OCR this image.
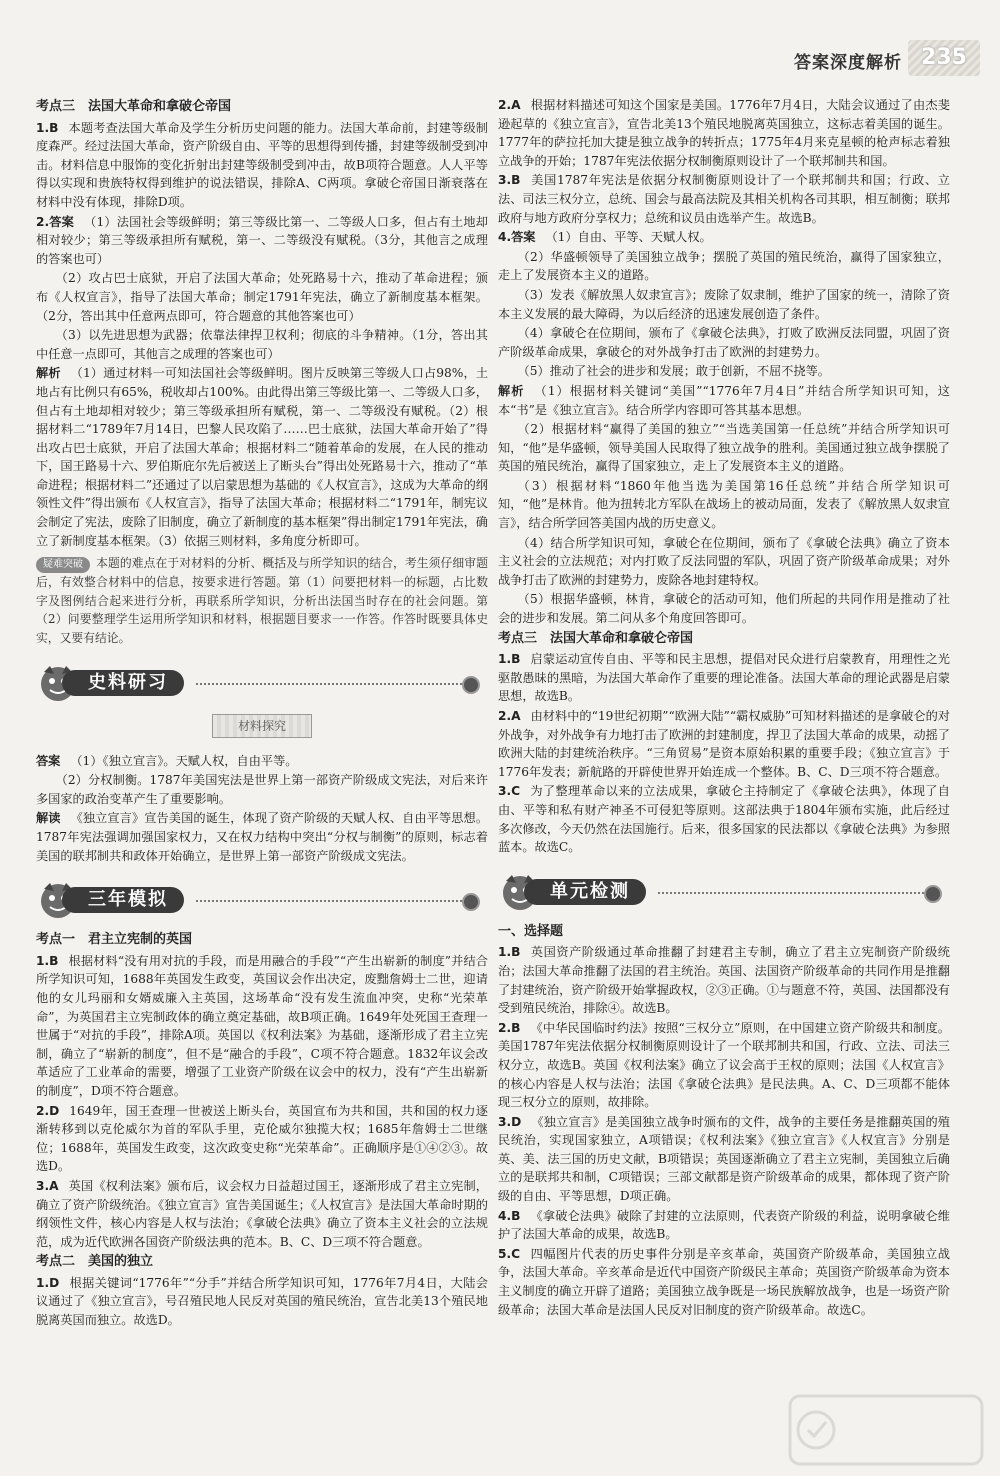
答案深度解析 235
考点三　法国大革命和拿破仑帝国

1.B 本题考查法国大革命及学生分析历史问题的能力。法国大革命前，封建等级制度森严。经过法国大革命，资产阶级自由、平等的思想得到传播，封建等级制受到冲击。材料信息中服饰的变化折射出封建等级制受到冲击，故B项符合题意。人人平等得以实现和贵族特权得到维护的说法错误，排除A、C两项。拿破仑帝国日渐衰落在材料中没有体现，排除D项。

2.答案 （1）法国社会等级鲜明；第三等级比第一、二等级人口多，但占有土地却相对较少；第三等级承担所有赋税，第一、二等级没有赋税。（3分，其他言之成理的答案也可）

（2）攻占巴士底狱，开启了法国大革命；处死路易十六，推动了革命进程；颁布《人权宣言》，指导了法国大革命；制定1791年宪法，确立了新制度基本框架。（2分，答出其中任意两点即可，符合题意的其他答案也可）

（3）以先进思想为武器；依靠法律捍卫权利；彻底的斗争精神。（1分，答出其中任意一点即可，其他言之成理的答案也可）

解析 （1）通过材料一可知法国社会等级鲜明。图片反映第三等级人口占98%，土地占有比例只有65%，税收却占100%。由此得出第三等级比第一、二等级人口多，但占有土地却相对较少；第三等级承担所有赋税，第一、二等级没有赋税。（2）根据材料二“1789年7月14日，巴黎人民攻陷了……巴士底狱，法国大革命开始了”得出攻占巴士底狱，开启了法国大革命；根据材料二“随着革命的发展，在人民的推动下，国王路易十六、罗伯斯庇尔先后被送上了断头台”得出处死路易十六，推动了“革命进程；根据材料二”还通过了以启蒙思想为基础的《人权宣言》，这成为大革命的纲领性文件”得出颁布《人权宣言》，指导了法国大革命；根据材料二“1791年，制宪议会制定了宪法，废除了旧制度，确立了新制度的基本框架”得出制定1791年宪法，确立了新制度基本框架。（3）依据三则材料，多角度分析即可。

疑难突破 本题的难点在于对材料的分析、概括及与所学知识的结合，考生须仔细审题后，有效整合材料中的信息，按要求进行答题。第（1）问要把材料一的标题，占比数字及图例结合起来进行分析，再联系所学知识，分析出法国当时存在的社会问题。第（2）问要整理学生运用所学知识和材料，根据题目要求一一作答。作答时既要具体史实，又要有结论。

史料研习
材料探究

答案 （1）《独立宣言》。天赋人权，自由平等。

（2）分权制衡。1787年美国宪法是世界上第一部资产阶级成文宪法，对后来许多国家的政治变革产生了重要影响。

解读 《独立宣言》宣告美国的诞生，体现了资产阶级的天赋人权、自由平等思想。1787年宪法强调加强国家权力，又在权力结构中突出“分权与制衡”的原则，标志着美国的联邦制共和政体开始确立，是世界上第一部资产阶级成文宪法。

三年模拟
考点一　君主立宪制的英国

1.B 根据材料“没有用对抗的手段，而是用融合的手段”“产生出崭新的制度”并结合所学知识可知，1688年英国发生政变，英国议会作出决定，废黜詹姆士二世，迎请他的女儿玛丽和女婿威廉入主英国，这场革命“没有发生流血冲突，史称“光荣革命”，为英国君主立宪制政体的确立奠定基础，故B项正确。1649年处死国王查理一世属于“对抗的手段”，排除A项。英国以《权利法案》为基础，逐渐形成了君主立宪制，确立了“崭新的制度”，但不是“融合的手段”，C项不符合题意。1832年议会改革适应了工业革命的需要，增强了工业资产阶级在议会中的权力，没有“产生出崭新的制度”，D项不符合题意。

2.D 1649年，国王查理一世被送上断头台，英国宣布为共和国，共和国的权力逐渐转移到以克伦威尔为首的军队手里，克伦威尔独揽大权；1685年詹姆士二世继位；1688年，英国发生政变，这次政变史称“光荣革命”。正确顺序是①④②③。故选D。

3.A 英国《权利法案》颁布后，议会权力日益超过国王，逐渐形成了君主立宪制，确立了资产阶级统治。《独立宣言》宣告美国诞生；《人权宣言》是法国大革命时期的纲领性文件，核心内容是人权与法治；《拿破仑法典》确立了资本主义社会的立法规范，成为近代欧洲各国资产阶级法典的范本。B、C、D三项不符合题意。

考点二　美国的独立

1.D 根据关键词“1776年”“分手”并结合所学知识可知，1776年7月4日，大陆会议通过了《独立宣言》，号召殖民地人民反对英国的殖民统治，宣告北美13个殖民地脱离英国而独立。故选D。

2.A 根据材料描述可知这个国家是美国。1776年7月4日，大陆会议通过了由杰斐逊起草的《独立宣言》，宣告北美13个殖民地脱离英国独立，这标志着美国的诞生。1777年的萨拉托加大捷是独立战争的转折点；1775年4月来克星顿的枪声标志着独立战争的开始；1787年宪法依据分权制衡原则设计了一个联邦制共和国。

3.B 美国1787年宪法是依据分权制衡原则设计了一个联邦制共和国；行政、立法、司法三权分立，总统、国会与最高法院及其相关机构各司其职，相互制衡；联邦政府与地方政府分享权力；总统和议员由选举产生。故选B。

4.答案 （1）自由、平等、天赋人权。

（2）华盛顿领导了美国独立战争；摆脱了英国的殖民统治，赢得了国家独立，走上了发展资本主义的道路。

（3）发表《解放黑人奴隶宣言》；废除了奴隶制，维护了国家的统一，清除了资本主义发展的最大障碍，为以后经济的迅速发展创造了条件。

（4）拿破仑在位期间，颁布了《拿破仑法典》，打败了欧洲反法同盟，巩固了资产阶级革命成果，拿破仑的对外战争打击了欧洲的封建势力。

（5）推动了社会的进步和发展；敢于创新，不屈不挠等。

解析 （1）根据材料关键词“美国”“1776年7月4日”并结合所学知识可知，这本“书”是《独立宣言》。结合所学内容即可答其基本思想。

（2）根据材料“赢得了美国的独立”“当选美国第一任总统”并结合所学知识可知，“他”是华盛顿，领导美国人民取得了独立战争的胜利。美国通过独立战争摆脱了英国的殖民统治，赢得了国家独立，走上了发展资本主义的道路。

（3）根据材料“1860年他当选为美国第16任总统”并结合所学知识可知，“他”是林肯。他为扭转北方军队在战场上的被动局面，发表了《解放黑人奴隶宣言》，结合所学回答美国内战的历史意义。

（4）结合所学知识可知，拿破仑在位期间，颁布了《拿破仑法典》确立了资本主义社会的立法规范；对内打败了反法同盟的军队，巩固了资产阶级革命成果；对外战争打击了欧洲的封建势力，废除各地封建特权。

（5）根据华盛顿，林肯，拿破仑的活动可知，他们所起的共同作用是推动了社会的进步和发展。第二问从多个角度回答即可。

考点三　法国大革命和拿破仑帝国

1.B 启蒙运动宣传自由、平等和民主思想，提倡对民众进行启蒙教育，用理性之光驱散愚昧的黑暗，为法国大革命作了重要的理论准备。法国大革命的理论武器是启蒙思想，故选B。

2.A 由材料中的“19世纪初期”“欧洲大陆”“霸权威胁”可知材料描述的是拿破仑的对外战争，对外战争有力地打击了欧洲的封建制度，捍卫了法国大革命的成果，动摇了欧洲大陆的封建统治秩序。“三角贸易”是资本原始积累的重要手段；《独立宣言》于1776年发表；新航路的开辟使世界开始连成一个整体。B、C、D三项不符合题意。

3.C 为了整理革命以来的立法成果，拿破仑主持制定了《拿破仑法典》，体现了自由、平等和私有财产神圣不可侵犯等原则。这部法典于1804年颁布实施，此后经过多次修改，今天仍然在法国施行。后来，很多国家的民法都以《拿破仑法典》为参照蓝本。故选C。

单元检测
一、选择题

1.B 英国资产阶级通过革命推翻了封建君主专制，确立了君主立宪制资产阶级统治；法国大革命推翻了法国的君主统治。英国、法国资产阶级革命的共同作用是推翻了封建统治，资产阶级开始掌握政权，②③正确。①与题意不符，英国、法国都没有受到殖民统治，排除④。故选B。

2.B 《中华民国临时约法》按照“三权分立”原则，在中国建立资产阶级共和制度。美国1787年宪法依据分权制衡原则设计了一个联邦制共和国，行政、立法、司法三权分立，故选B。英国《权利法案》确立了议会高于王权的原则；法国《人权宣言》的核心内容是人权与法治；法国《拿破仑法典》是民法典。A、C、D三项都不能体现三权分立的原则，故排除。

3.D 《独立宣言》是美国独立战争时颁布的文件，战争的主要任务是推翻英国的殖民统治，实现国家独立，A项错误；《权利法案》《独立宣言》《人权宣言》分别是英、美、法三国的历史文献，B项错误；英国逐渐确立了君主立宪制，美国独立后确立的是联邦共和制，C项错误；三部文献都是资产阶级革命的成果，都体现了资产阶级的自由、平等思想，D项正确。

4.B 《拿破仑法典》破除了封建的立法原则，代表资产阶级的利益，说明拿破仑维护了法国大革命的成果，故选B。

5.C 四幅图片代表的历史事件分别是辛亥革命，英国资产阶级革命，美国独立战争，法国大革命。辛亥革命是近代中国资产阶级民主革命；英国资产阶级革命为资本主义制度的确立开辟了道路；美国独立战争既是一场民族解放战争，也是一场资产阶级革命；法国大革命是法国人民反对旧制度的资产阶级革命。故选C。
